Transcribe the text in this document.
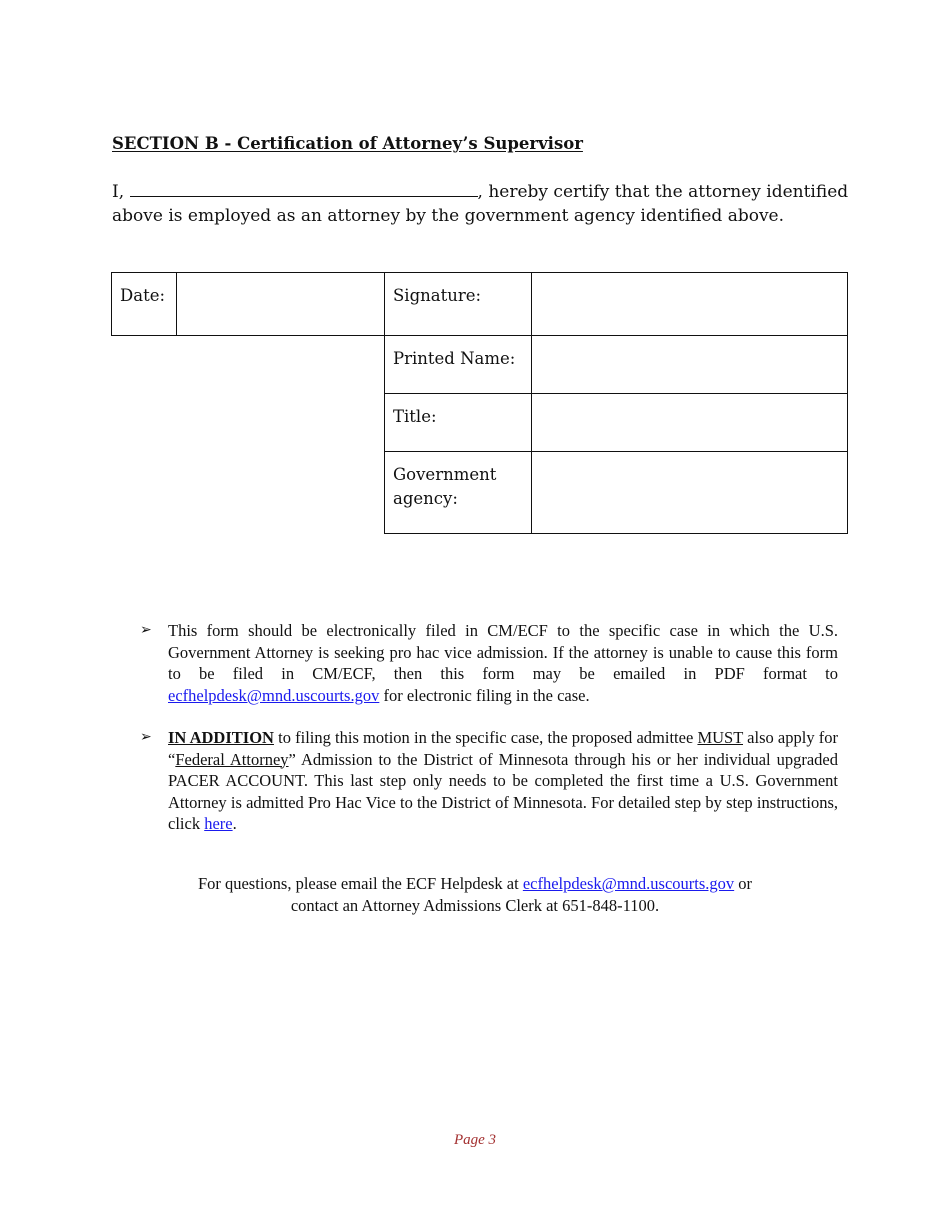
SECTION B - Certification of Attorney’s Supervisor
I,	, hereby certify that the attorney identified above is employed as an attorney by the government agency identified above.
Date:		Signature:	
		Printed Name:	
		Title:	
		Government agency:	
➢ This form should be electronically filed in CM/ECF to the specific case in which the U.S. Government Attorney is seeking pro hac vice admission. If the attorney is unable to cause this form to be filed in CM/ECF, then this form may be emailed in PDF format to ecfhelpdesk@mnd.uscourts.gov for electronic filing in the case.
➢ IN ADDITION to filing this motion in the specific case, the proposed admittee MUST also apply for “Federal Attorney” Admission to the District of Minnesota through his or her individual upgraded PACER ACCOUNT. This last step only needs to be completed the first time a U.S. Government Attorney is admitted Pro Hac Vice to the District of Minnesota. For detailed step by step instructions, click here.
For questions, please email the ECF Helpdesk at ecfhelpdesk@mnd.uscourts.gov or
contact an Attorney Admissions Clerk at 651-848-1100.
Page 3
